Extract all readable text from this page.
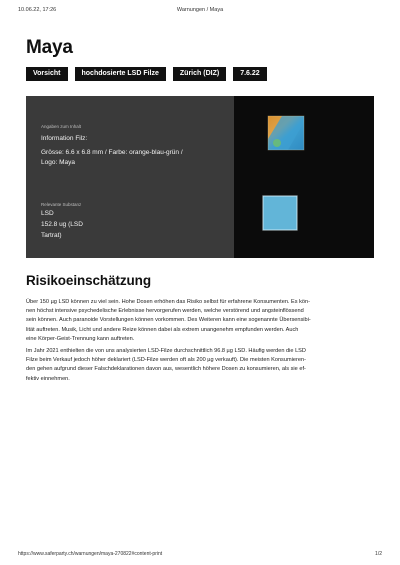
10.06.22, 17:26	Warnungen / Maya
Maya
Vorsicht	hochdosierte LSD Filze	Zürich (DIZ)	7.6.22
Angaben zum Inhalt
Information Filz:
Grösse: 6.6 x 6.8 mm / Farbe: orange-blau-grün /
Logo: Maya
Relevante Substanz
LSD
152.8 ug (LSD
Tartrat)
Risikoeinschätzung
Über 150 µg LSD können zu viel sein. Hohe Dosen erhöhen das Risiko selbst für erfahrene Konsumenten. Es kön-
nen höchst intensive psychedelische Erlebnisse hervorgerufen werden, welche verstörend und angsteinflössend
sein können. Auch paranoide Vorstellungen können vorkommen. Des Weiteren kann eine sogenannte Übersensibi-
lität auftreten. Musik, Licht und andere Reize können dabei als extrem unangenehm empfunden werden. Auch
eine Körper-Geist-Trennung kann auftreten.
Im Jahr 2021 enthielten die von uns analysierten LSD-Filze durchschnittlich 96.8 µg LSD. Häufig werden die LSD
Filze beim Verkauf jedoch höher deklariert (LSD-Filze werden oft als 200 µg verkauft). Die meisten Konsumieren-
den gehen aufgrund dieser Falschdeklarationen davon aus, wesentlich höhere Dosen zu konsumieren, als sie ef-
fektiv einnehmen.
https://www.saferparty.ch/warnungen/maya-270822#content-print	1/2
